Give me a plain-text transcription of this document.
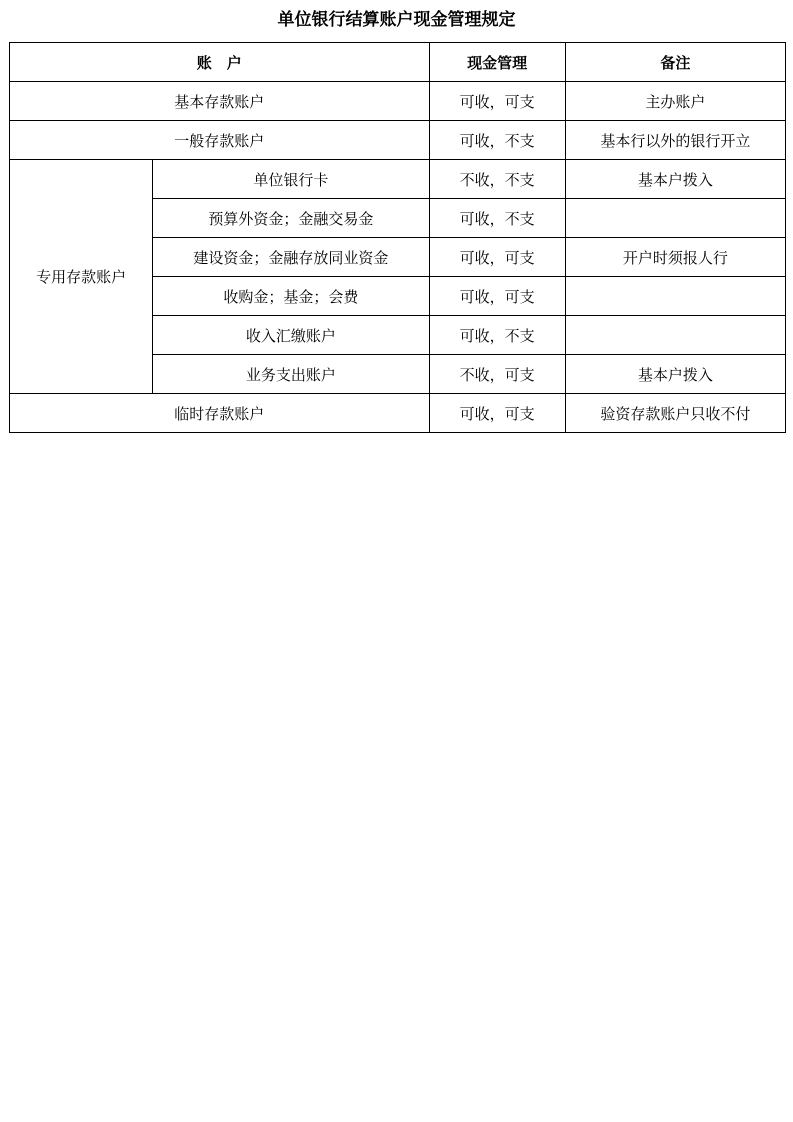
单位银行结算账户现金管理规定
账　户		现金管理	备注
基本存款账户		可收，可支	主办账户
一般存款账户		可收，不支	基本行以外的银行开立
专用存款账户	单位银行卡	不收，不支	基本户拨入
	预算外资金；金融交易金	可收，不支	
	建设资金；金融存放同业资金	可收，可支	开户时须报人行
	收购金；基金；会费	可收，可支	
	收入汇缴账户	可收，不支	
	业务支出账户	不收，可支	基本户拨入
临时存款账户		可收，可支	验资存款账户只收不付
